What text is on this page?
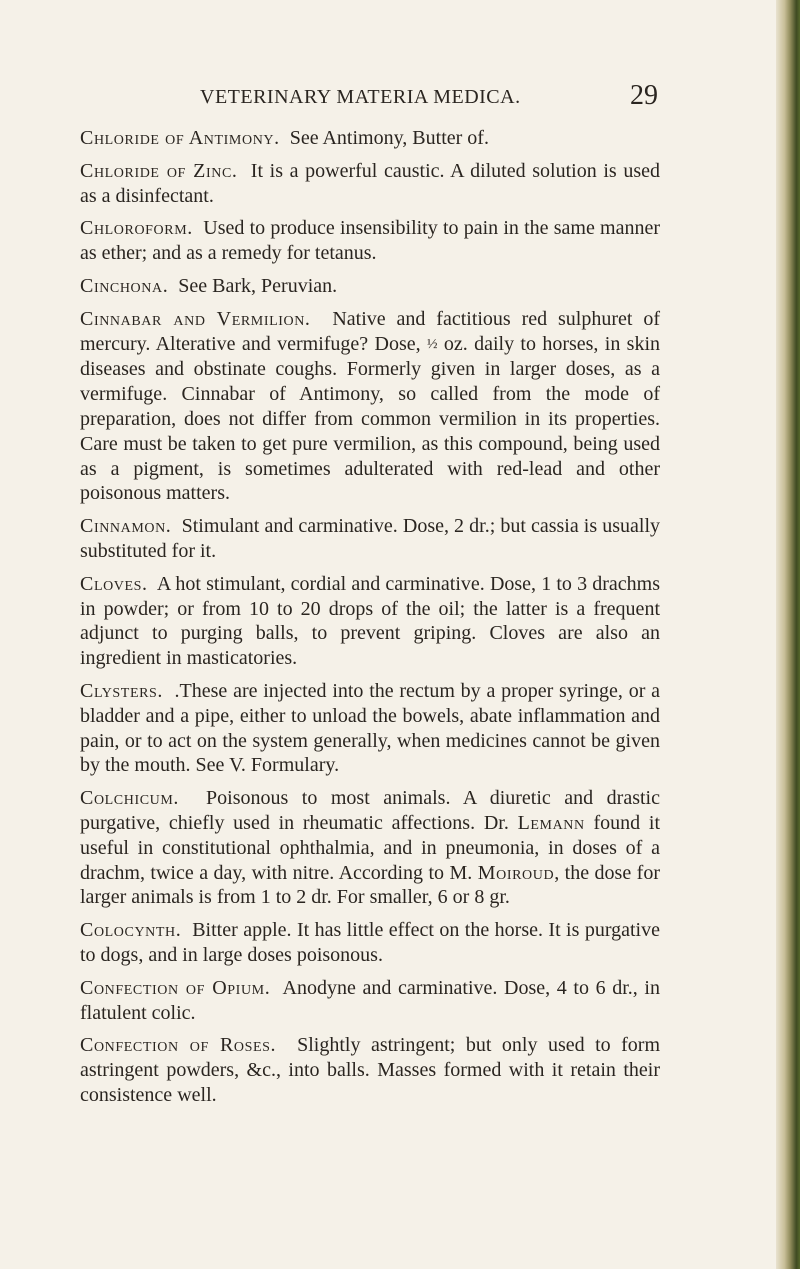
VETERINARY MATERIA MEDICA.	29

Chloride of Antimony. See Antimony, Butter of.

Chloride of Zinc. It is a powerful caustic. A diluted solution is used as a disinfectant.

Chloroform. Used to produce insensibility to pain in the same manner as ether; and as a remedy for tetanus.

Cinchona. See Bark, Peruvian.

Cinnabar and Vermilion. Native and factitious red sulphuret of mercury. Alterative and vermifuge? Dose, ½ oz. daily to horses, in skin diseases and obstinate coughs. Formerly given in larger doses, as a vermifuge. Cinnabar of Antimony, so called from the mode of preparation, does not differ from common vermilion in its properties. Care must be taken to get pure vermilion, as this compound, being used as a pigment, is sometimes adulterated with red-lead and other poisonous matters.

Cinnamon. Stimulant and carminative. Dose, 2 dr.; but cassia is usually substituted for it.

Cloves. A hot stimulant, cordial and carminative. Dose, 1 to 3 drachms in powder; or from 10 to 20 drops of the oil; the latter is a frequent adjunct to purging balls, to prevent griping. Cloves are also an ingredient in masticatories.

Clysters. .These are injected into the rectum by a proper syringe, or a bladder and a pipe, either to unload the bowels, abate inflammation and pain, or to act on the system generally, when medicines cannot be given by the mouth. See V. Formulary.

Colchicum. Poisonous to most animals. A diuretic and drastic purgative, chiefly used in rheumatic affections. Dr. Lemann found it useful in constitutional ophthalmia, and in pneumonia, in doses of a drachm, twice a day, with nitre. According to M. Moiroud, the dose for larger animals is from 1 to 2 dr. For smaller, 6 or 8 gr.

Colocynth. Bitter apple. It has little effect on the horse. It is purgative to dogs, and in large doses poisonous.

Confection of Opium. Anodyne and carminative. Dose, 4 to 6 dr., in flatulent colic.

Confection of Roses. Slightly astringent; but only used to form astringent powders, &c., into balls. Masses formed with it retain their consistence well.
